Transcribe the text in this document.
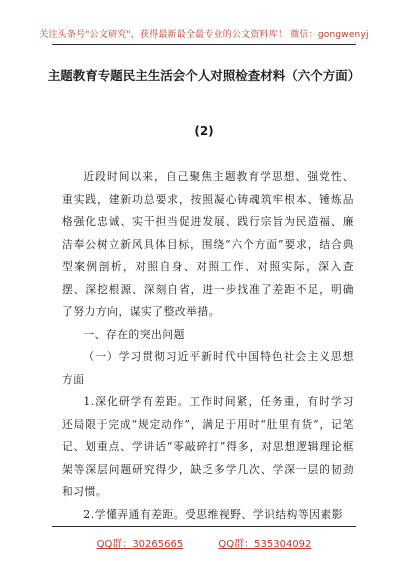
关注头条号"公文研究"，获得最新最全最专业的公文资料库！ 微信：gongwenyj
主题教育专题民主生活会个人对照检查材料（六个方面）
(2)

近段时间以来，自己聚焦主题教育学思想、强党性、重实践，建新功总要求，按照凝心铸魂筑牢根本、锤炼品格强化忠诚、实干担当促进发展、践行宗旨为民造福、廉洁奉公树立新风具体目标，围绕“六个方面”要求，结合典型案例剖析，对照自身、对照工作、对照实际，深入查摆、深挖根源、深刻自省，进一步找准了差距不足，明确了努力方向，谋实了整改举措。

一、存在的突出问题

（一）学习贯彻习近平新时代中国特色社会主义思想方面

1.深化研学有差距。工作时间紧，任务重，有时学习还局限于完成“规定动作”，满足于用时“肚里有货”，记笔记、划重点、学讲话“零敲碎打”得多，对思想逻辑理论框架等深层问题研究得少，缺乏多学几次、学深一层的韧劲和习惯。

2.学懂弄通有差距。受思维视野、学识结构等因素影

QQ群：30265665	QQ群：535304092
